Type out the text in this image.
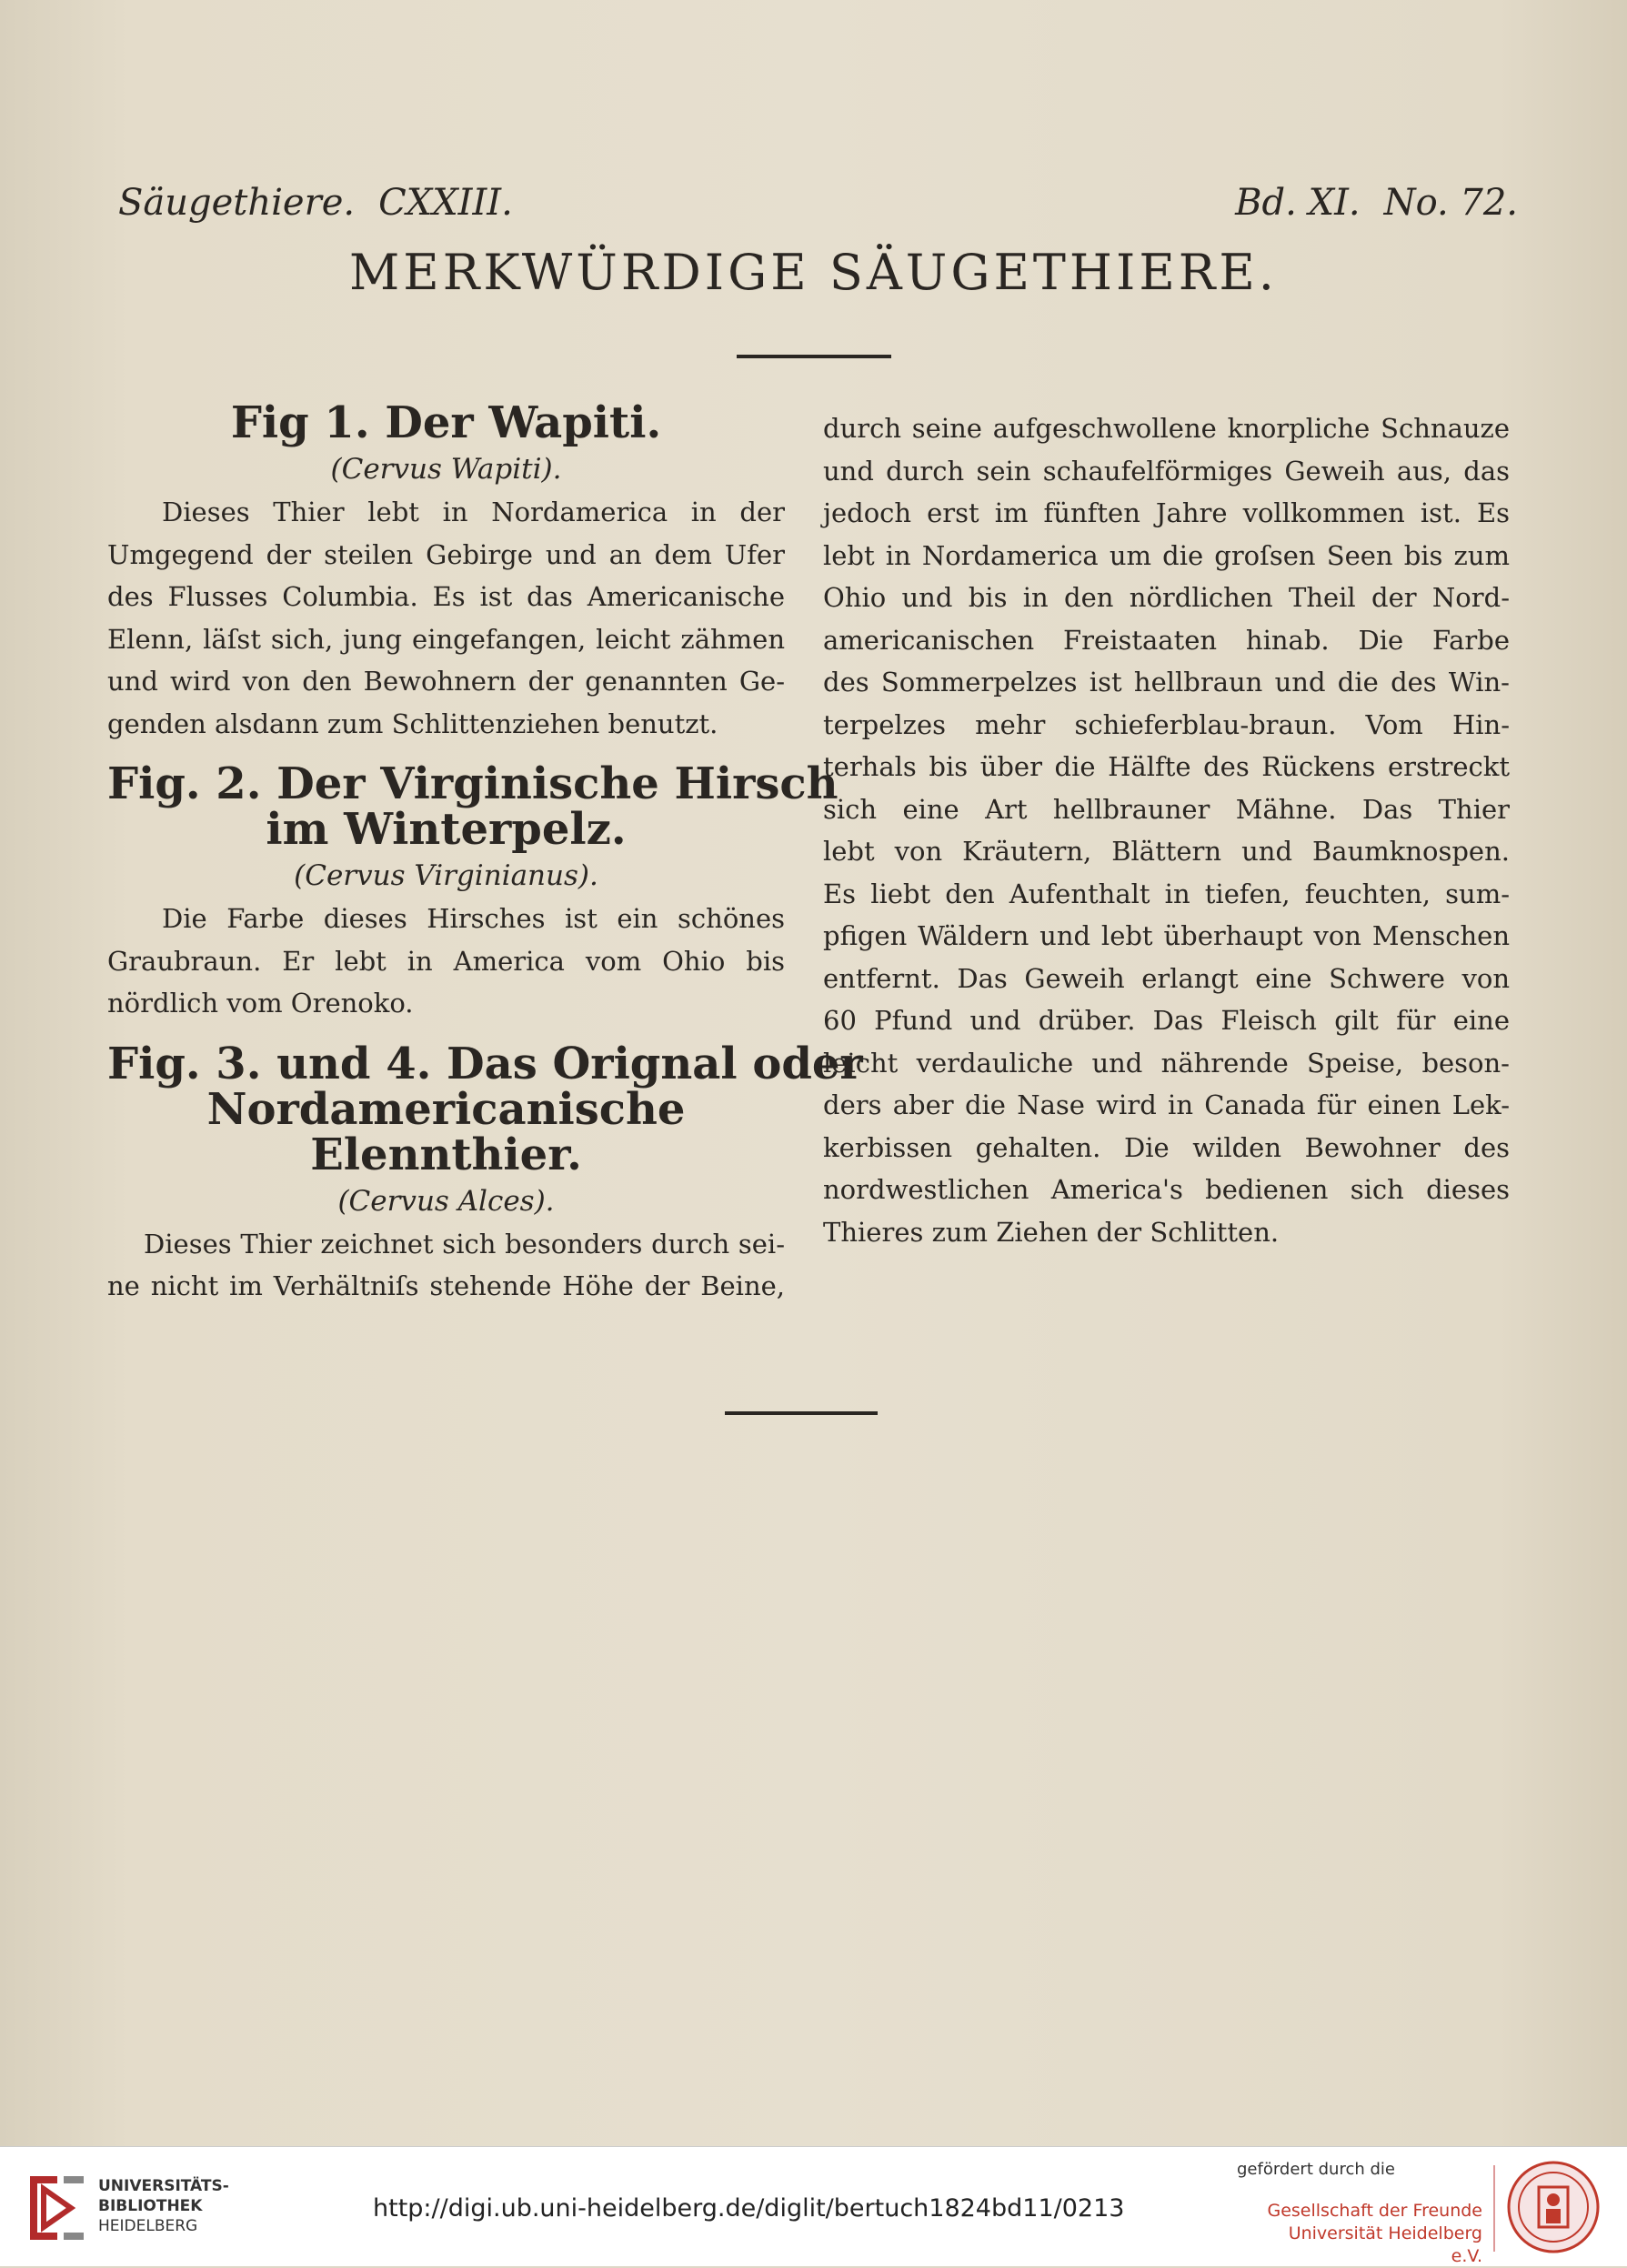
Säugethiere. CXXIII.	Bd. XI. No. 72.
MERKWÜRDIGE SÄUGETHIERE.
Fig 1. Der Wapiti.
(Cervus Wapiti).

Dieses Thier lebt in Nordamerica in der
Umgegend der steilen Gebirge und an dem Ufer
des Flusses Columbia. Es ist das Americanische
Elenn, läſst sich, jung eingefangen, leicht zähmen
und wird von den Bewohnern der genannten Ge-
genden alsdann zum Schlittenziehen benutzt.

Fig. 2. Der Virginische Hirsch
im Winterpelz.
(Cervus Virginianus).

Die Farbe dieses Hirsches ist ein schönes
Graubraun. Er lebt in America vom Ohio bis
nördlich vom Orenoko.

Fig. 3. und 4. Das Orignal oder
Nordamericanische Elennthier.
(Cervus Alces).

Dieses Thier zeichnet sich besonders durch sei-
ne nicht im Verhältniſs stehende Höhe der Beine,

durch seine aufgeschwollene knorpliche Schnauze
und durch sein schaufelförmiges Geweih aus, das
jedoch erst im fünften Jahre vollkommen ist. Es
lebt in Nordamerica um die groſsen Seen bis zum
Ohio und bis in den nördlichen Theil der Nord-
americanischen Freistaaten hinab. Die Farbe
des Sommerpelzes ist hellbraun und die des Win-
terpelzes mehr schieferblau-braun. Vom Hin-
terhals bis über die Hälfte des Rückens erstreckt
sich eine Art hellbrauner Mähne. Das Thier
lebt von Kräutern, Blättern und Baumknospen.
Es liebt den Aufenthalt in tiefen, feuchten, sum-
pfigen Wäldern und lebt überhaupt von Menschen
entfernt. Das Geweih erlangt eine Schwere von
60 Pfund und drüber. Das Fleisch gilt für eine
leicht verdauliche und nährende Speise, beson-
ders aber die Nase wird in Canada für einen Lek-
kerbissen gehalten. Die wilden Bewohner des
nordwestlichen America's bedienen sich dieses
Thieres zum Ziehen der Schlitten.

UNIVERSITÄTS-
BIBLIOTHEK
HEIDELBERG
http://digi.ub.uni-heidelberg.de/diglit/bertuch1824bd11/0213
gefördert durch die
Gesellschaft der Freunde
Universität Heidelberg e.V.
